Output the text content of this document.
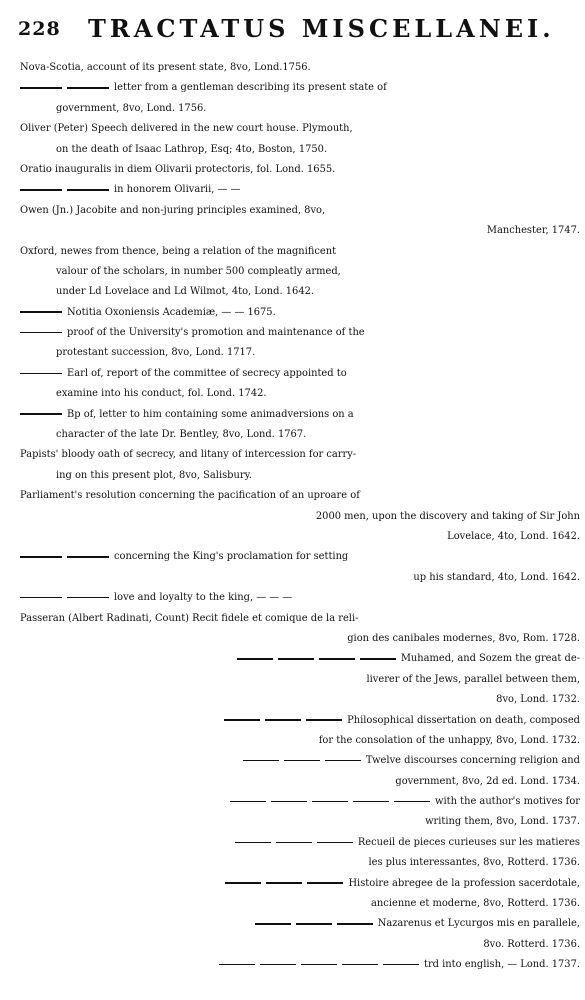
228 TRACTATUS MISCELLANEI.
Nova-Scotia, account of its present state, 8vo, Lond.1756.
letter from a gentleman describing its present state of
government, 8vo, Lond. 1756.
Oliver (Peter) Speech delivered in the new court house. Plymouth,
on the death of Isaac Lathrop, Esq; 4to, Boston, 1750.
Oratio inauguralis in diem Olivarii protectoris, fol. Lond. 1655.
in honorem Olivarii, — —
Owen (Jn.) Jacobite and non-juring principles examined, 8vo,
Manchester, 1747.
Oxford, newes from thence, being a relation of the magnificent
valour of the scholars, in number 500 compleatly armed,
under Ld Lovelace and Ld Wilmot, 4to, Lond. 1642.
Notitia Oxoniensis Academiæ, — — 1675.
proof of the University's promotion and maintenance of the
protestant succession, 8vo, Lond. 1717.
Earl of, report of the committee of secrecy appointed to
examine into his conduct, fol. Lond. 1742.
Bp of, letter to him containing some animadversions on a
character of the late Dr. Bentley, 8vo, Lond. 1767.
Papists' bloody oath of secrecy, and litany of intercession for carry-
ing on this present plot, 8vo, Salisbury.
Parliament's resolution concerning the pacification of an uproare of
2000 men, upon the discovery and taking of Sir John
Lovelace, 4to, Lond. 1642.
concerning the King's proclamation for setting
up his standard, 4to, Lond. 1642.
love and loyalty to the king, — — —
Passeran (Albert Radinati, Count) Recit fidele et comique de la reli-
gion des canibales modernes, 8vo, Rom. 1728.
Muhamed, and Sozem the great de-
liverer of the Jews, parallel between them,
8vo, Lond. 1732.
Philosophical dissertation on death, composed
for the consolation of the unhappy, 8vo, Lond. 1732.
Twelve discourses concerning religion and
government, 8vo, 2d ed. Lond. 1734.
with the author's motives for
writing them, 8vo, Lond. 1737.
Recueil de pieces curieuses sur les matieres
les plus interessantes, 8vo, Rotterd. 1736.
Histoire abregee de la profession sacerdotale,
ancienne et moderne, 8vo, Rotterd. 1736.
Nazarenus et Lycurgos mis en parallele,
8vo. Rotterd. 1736.
trd into english, — Lond. 1737.
